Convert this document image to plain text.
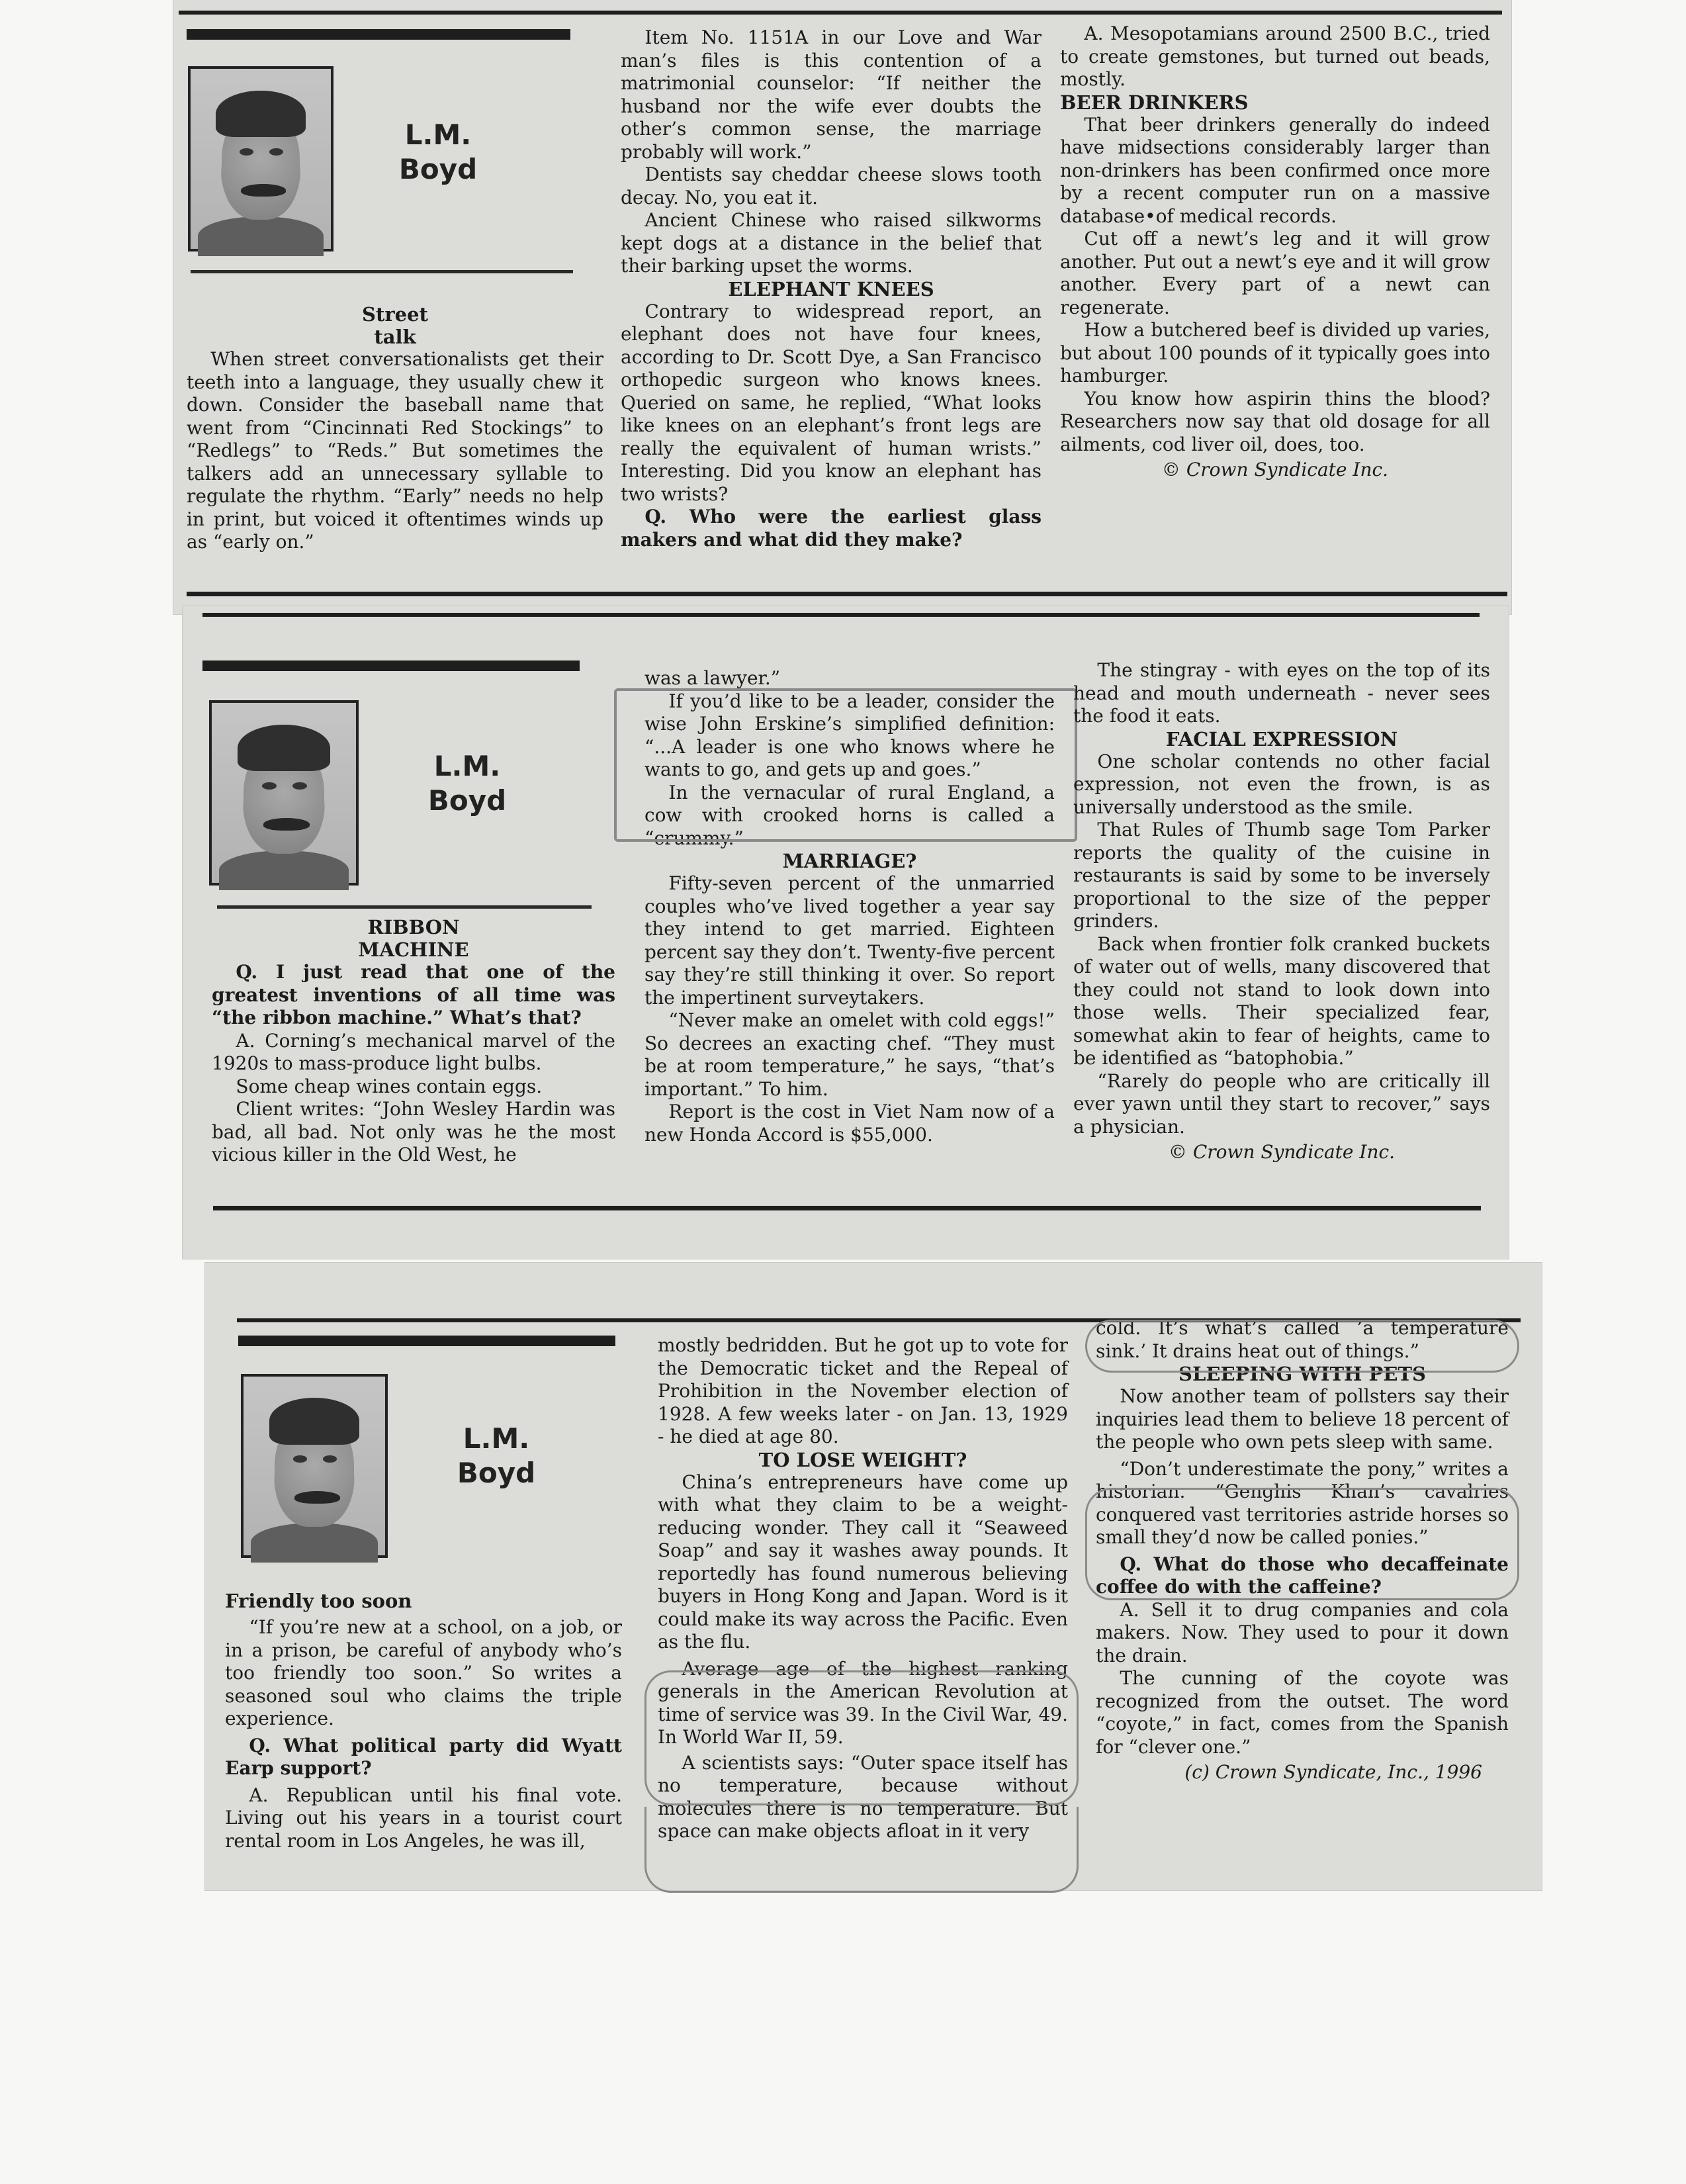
L.M.
Boyd
Street
talk

When street conversationalists get their teeth into a language, they usually chew it down. Consider the baseball name that went from “Cincinnati Red Stockings” to “Redlegs” to “Reds.” But sometimes the talkers add an unnecessary syllable to regulate the rhythm. “Early” needs no help in print, but voiced it oftentimes winds up as “early on.”

Item No. 1151A in our Love and War man’s files is this contention of a matrimonial counselor: “If neither the husband nor the wife ever doubts the other’s common sense, the marriage probably will work.”

Dentists say cheddar cheese slows tooth decay. No, you eat it.

Ancient Chinese who raised silkworms kept dogs at a distance in the belief that their barking upset the worms.

ELEPHANT KNEES

Contrary to widespread report, an elephant does not have four knees, according to Dr. Scott Dye, a San Francisco orthopedic surgeon who knows knees. Queried on same, he replied, “What looks like knees on an elephant’s front legs are really the equivalent of human wrists.” Interesting. Did you know an elephant has two wrists?

Q. Who were the earliest glass makers and what did they make?

A. Mesopotamians around 2500 B.C., tried to create gemstones, but turned out beads, mostly.

BEER DRINKERS

That beer drinkers generally do indeed have midsections considerably larger than non-drinkers has been confirmed once more by a recent computer run on a massive database•of medical records.

Cut off a newt’s leg and it will grow another. Put out a newt’s eye and it will grow another. Every part of a newt can regenerate.

How a butchered beef is divided up varies, but about 100 pounds of it typically goes into hamburger.

You know how aspirin thins the blood? Researchers now say that old dosage for all ailments, cod liver oil, does, too.

© Crown Syndicate Inc.

L.M.
Boyd
RIBBON
MACHINE

Q. I just read that one of the greatest inventions of all time was “the ribbon machine.” What’s that?

A. Corning’s mechanical marvel of the 1920s to mass-produce light bulbs.

Some cheap wines contain eggs.

Client writes: “John Wesley Hardin was bad, all bad. Not only was he the most vicious killer in the Old West, he

was a lawyer.”

If you’d like to be a leader, consider the wise John Erskine’s simplified definition: “...A leader is one who knows where he wants to go, and gets up and goes.”

In the vernacular of rural England, a cow with crooked horns is called a “crummy.”

MARRIAGE?

Fifty-seven percent of the unmarried couples who’ve lived together a year say they intend to get married. Eighteen percent say they don’t. Twenty-five percent say they’re still thinking it over. So report the impertinent surveytakers.

“Never make an omelet with cold eggs!” So decrees an exacting chef. “They must be at room temperature,” he says, “that’s important.” To him.

Report is the cost in Viet Nam now of a new Honda Accord is $55,000.

The stingray - with eyes on the top of its head and mouth underneath - never sees the food it eats.

FACIAL EXPRESSION

One scholar contends no other facial expression, not even the frown, is as universally understood as the smile.

That Rules of Thumb sage Tom Parker reports the quality of the cuisine in restaurants is said by some to be inversely proportional to the size of the pepper grinders.

Back when frontier folk cranked buckets of water out of wells, many discovered that they could not stand to look down into those wells. Their specialized fear, somewhat akin to fear of heights, came to be identified as “batophobia.”

“Rarely do people who are critically ill ever yawn until they start to recover,” says a physician.

© Crown Syndicate Inc.

L.M.
Boyd
Friendly too soon

“If you’re new at a school, on a job, or in a prison, be careful of anybody who’s too friendly too soon.” So writes a seasoned soul who claims the triple experience.

Q. What political party did Wyatt Earp support?

A. Republican until his final vote. Living out his years in a tourist court rental room in Los Angeles, he was ill,

mostly bedridden. But he got up to vote for the Democratic ticket and the Repeal of Prohibition in the November election of 1928. A few weeks later - on Jan. 13, 1929 - he died at age 80.

TO LOSE WEIGHT?

China’s entrepreneurs have come up with what they claim to be a weight-reducing wonder. They call it “Seaweed Soap” and say it washes away pounds. It reportedly has found numerous believing buyers in Hong Kong and Japan. Word is it could make its way across the Pacific. Even as the flu.

Average age of the highest ranking generals in the American Revolution at time of service was 39. In the Civil War, 49. In World War II, 59.

A scientists says: “Outer space itself has no temperature, because without molecules there is no temperature. But space can make objects afloat in it very

cold. It’s what’s called ’a temperature sink.’ It drains heat out of things.”

SLEEPING WITH PETS

Now another team of pollsters say their inquiries lead them to believe 18 percent of the people who own pets sleep with same.

“Don’t underestimate the pony,” writes a historian. “Genghis Khan’s cavalries conquered vast territories astride horses so small they’d now be called ponies.”

Q. What do those who decaffeinate coffee do with the caffeine?

A. Sell it to drug companies and cola makers. Now. They used to pour it down the drain.

The cunning of the coyote was recognized from the outset. The word “coyote,” in fact, comes from the Spanish for “clever one.”

(c) Crown Syndicate, Inc., 1996
